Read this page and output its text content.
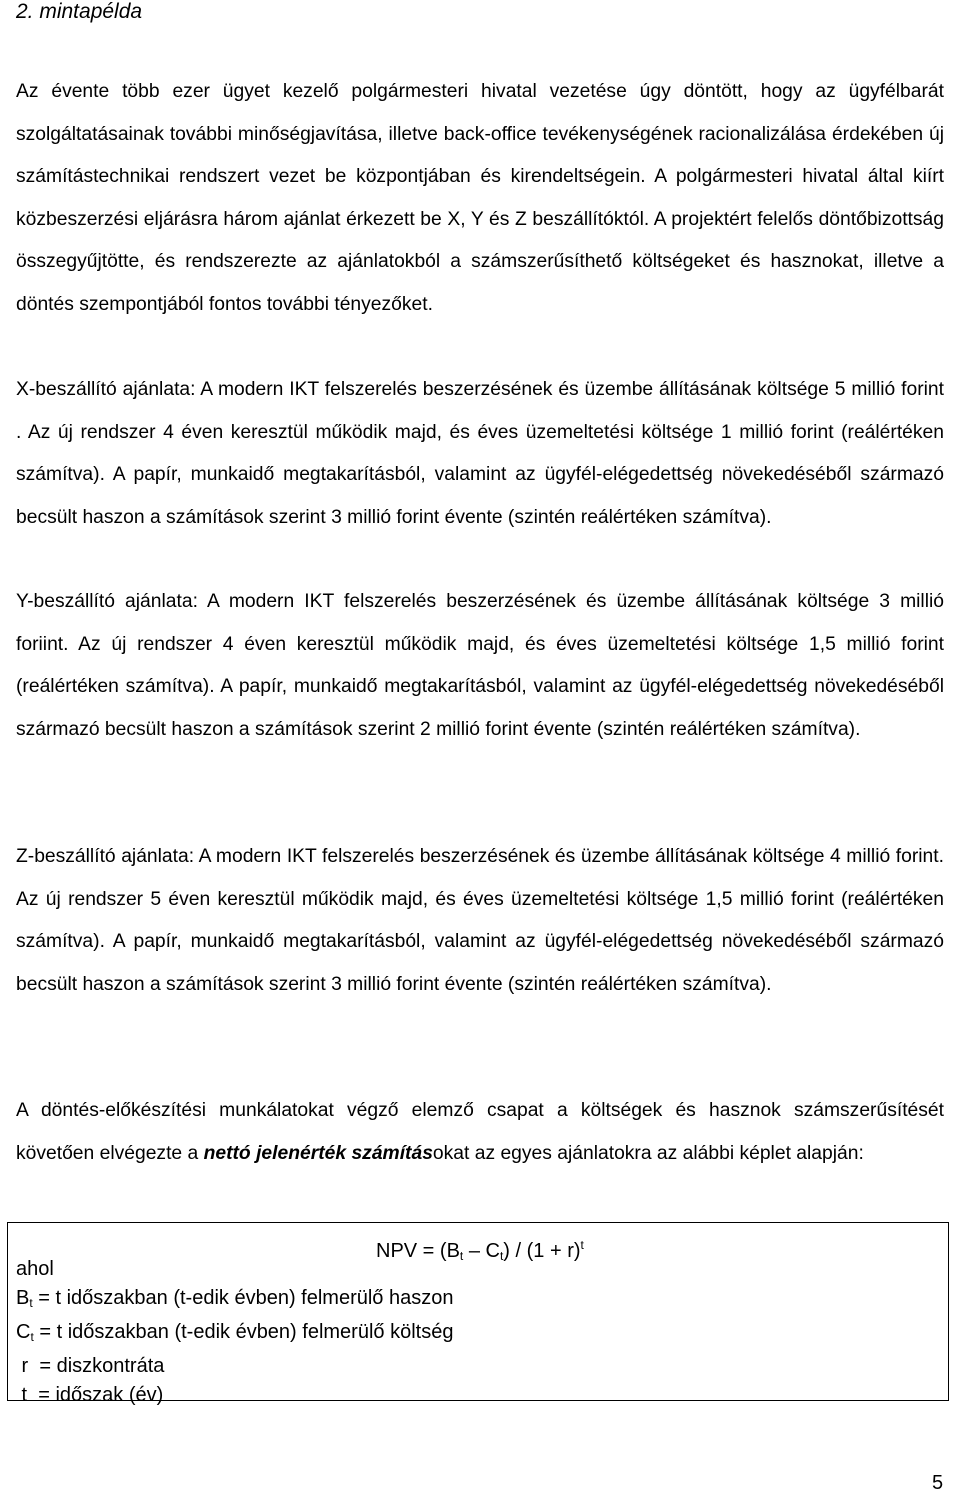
2. mintapélda
Az évente több ezer ügyet kezelő polgármesteri hivatal vezetése úgy döntött, hogy az ügyfélbarát szolgáltatásainak további minőségjavítása, illetve back-office tevékenységének racionalizálása érdekében új számítástechnikai rendszert vezet be központjában és kirendeltségein. A polgármesteri hivatal által kiírt közbeszerzési eljárásra három ajánlat érkezett be X, Y és Z beszállítóktól. A projektért felelős döntőbizottság összegyűjtötte, és rendszerezte az ajánlatokból a számszerűsíthető költségeket és hasznokat, illetve a döntés szempontjából fontos további tényezőket.
X-beszállító ajánlata: A modern IKT felszerelés beszerzésének és üzembe állításának költsége 5 millió forint . Az új rendszer 4 éven keresztül működik majd, és éves üzemeltetési költsége 1 millió forint (reálértéken számítva). A papír, munkaidő megtakarításból, valamint az ügyfél-elégedettség növekedéséből származó becsült haszon a számítások szerint 3 millió forint évente (szintén reálértéken számítva).
Y-beszállító ajánlata: A modern IKT felszerelés beszerzésének és üzembe állításának költsége 3 millió foriint. Az új rendszer 4 éven keresztül működik majd, és éves üzemeltetési költsége 1,5 millió forint (reálértéken számítva). A papír, munkaidő megtakarításból, valamint az ügyfél-elégedettség növekedéséből származó becsült haszon a számítások szerint 2 millió forint évente (szintén reálértéken számítva).
Z-beszállító ajánlata: A modern IKT felszerelés beszerzésének és üzembe állításának költsége 4 millió forint. Az új rendszer 5 éven keresztül működik majd, és éves üzemeltetési költsége 1,5 millió forint (reálértéken számítva). A papír, munkaidő megtakarításból, valamint az ügyfél-elégedettség növekedéséből származó becsült haszon a számítások szerint 3 millió forint évente (szintén reálértéken számítva).
A döntés-előkészítési munkálatokat végző elemző csapat a költségek és hasznok számszerűsítését követően elvégezte a nettó jelenérték számításokat az egyes ajánlatokra az alábbi képlet alapján:
NPV = $(B_t - C_t) / (1 + r)^t$
ahol
$B_t = t$ időszakban (t-edik évben) felmerülő haszon
$C_t = t$ időszakban (t-edik évben) felmerülő költség
r  = diszkontráta
t  = időszak (év)
5
